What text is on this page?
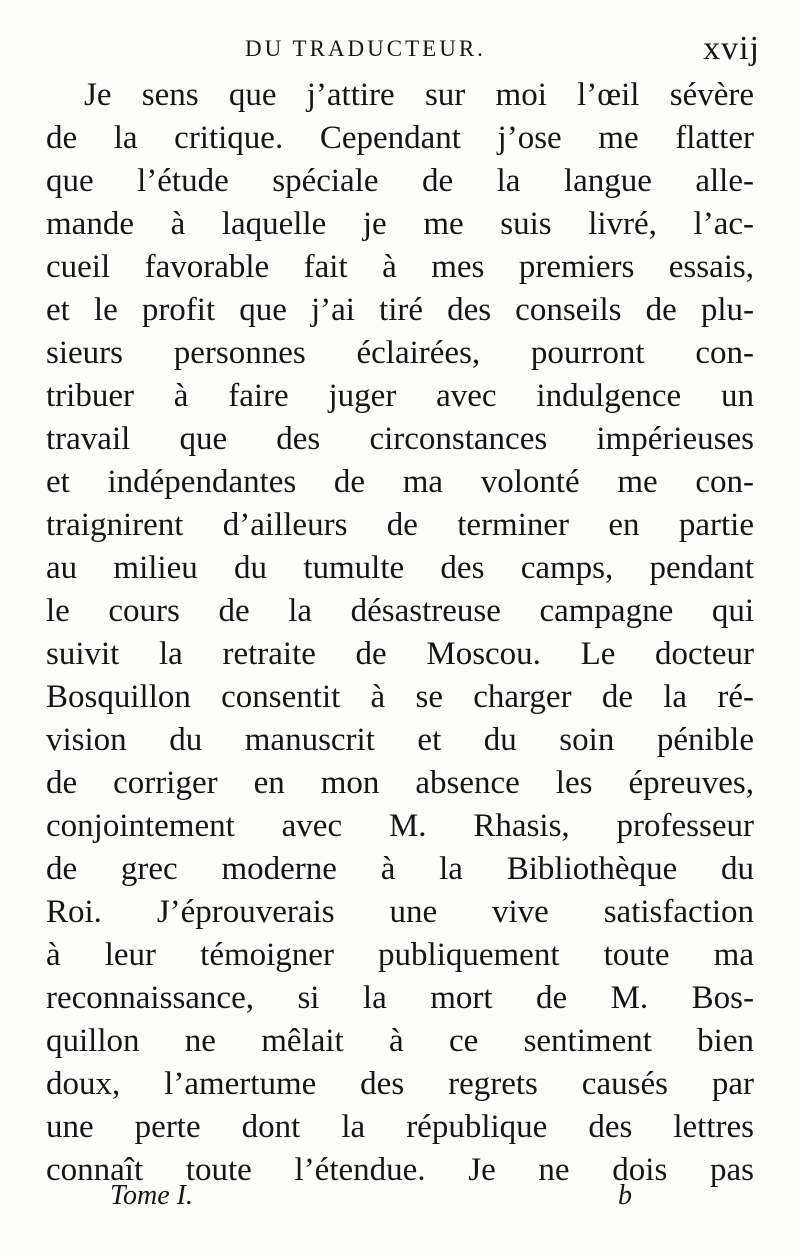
DU TRADUCTEUR.	xvij
Je sens que j’attire sur moi l’œil sévère
de la critique. Cependant j’ose me flatter
que l’étude spéciale de la langue alle-
mande à laquelle je me suis livré, l’ac-
cueil favorable fait à mes premiers essais,
et le profit que j’ai tiré des conseils de plu-
sieurs personnes éclairées, pourront con-
tribuer à faire juger avec indulgence un
travail que des circonstances impérieuses
et indépendantes de ma volonté me con-
traignirent d’ailleurs de terminer en partie
au milieu du tumulte des camps, pendant
le cours de la désastreuse campagne qui
suivit la retraite de Moscou. Le docteur
Bosquillon consentit à se charger de la ré-
vision du manuscrit et du soin pénible
de corriger en mon absence les épreuves,
conjointement avec M. Rhasis, professeur
de grec moderne à la Bibliothèque du
Roi. J’éprouverais une vive satisfaction
à leur témoigner publiquement toute ma
reconnaissance, si la mort de M. Bos-
quillon ne mêlait à ce sentiment bien
doux, l’amertume des regrets causés par
une perte dont la république des lettres
connaît toute l’étendue. Je ne dois pas
Tome I.	b
